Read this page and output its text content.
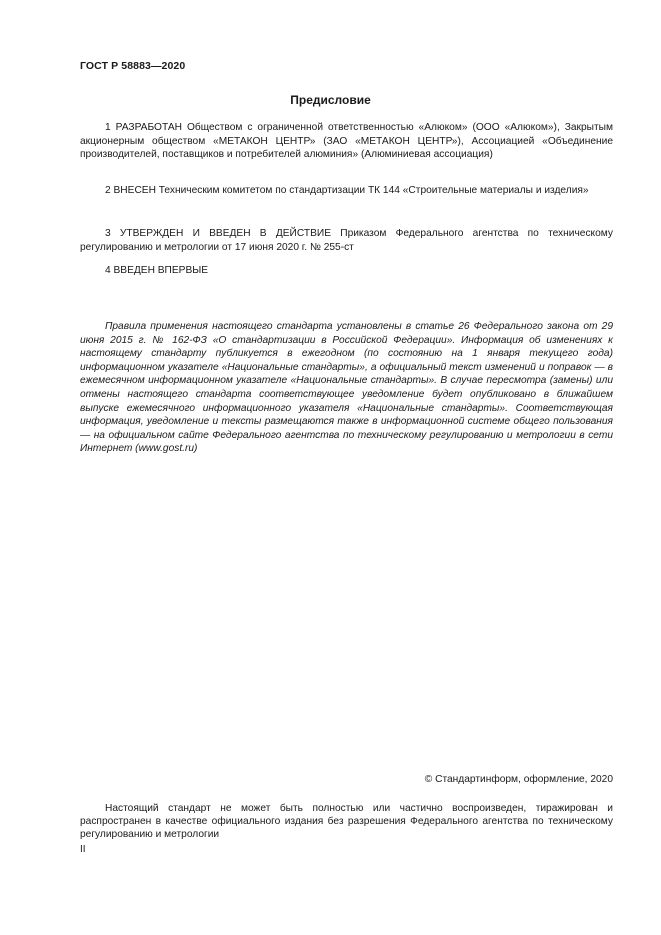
ГОСТ Р 58883—2020
Предисловие

1 РАЗРАБОТАН Обществом с ограниченной ответственностью «Алюком» (ООО «Алюком»), Закрытым акционерным обществом «МЕТАКОН ЦЕНТР» (ЗАО «МЕТАКОН ЦЕНТР»), Ассоциацией «Объединение производителей, поставщиков и потребителей алюминия» (Алюминиевая ассоциация)

2 ВНЕСЕН Техническим комитетом по стандартизации ТК 144 «Строительные материалы и изделия»

3 УТВЕРЖДЕН И ВВЕДЕН В ДЕЙСТВИЕ Приказом Федерального агентства по техническому регулированию и метрологии от 17 июня 2020 г. № 255-ст

4 ВВЕДЕН ВПЕРВЫЕ

Правила применения настоящего стандарта установлены в статье 26 Федерального закона от 29 июня 2015 г. № 162-ФЗ «О стандартизации в Российской Федерации». Информация об изменениях к настоящему стандарту публикуется в ежегодном (по состоянию на 1 января текущего года) информационном указателе «Национальные стандарты», а официальный текст изменений и поправок — в ежемесячном информационном указателе «Национальные стандарты». В случае пересмотра (замены) или отмены настоящего стандарта соответствующее уведомление будет опубликовано в ближайшем выпуске ежемесячного информационного указателя «Национальные стандарты». Соответствующая информация, уведомление и тексты размещаются также в информационной системе общего пользования — на официальном сайте Федерального агентства по техническому регулированию и метрологии в сети Интернет (www.gost.ru)

© Стандартинформ, оформление, 2020

Настоящий стандарт не может быть полностью или частично воспроизведен, тиражирован и распространен в качестве официального издания без разрешения Федерального агентства по техническому регулированию и метрологии

II
